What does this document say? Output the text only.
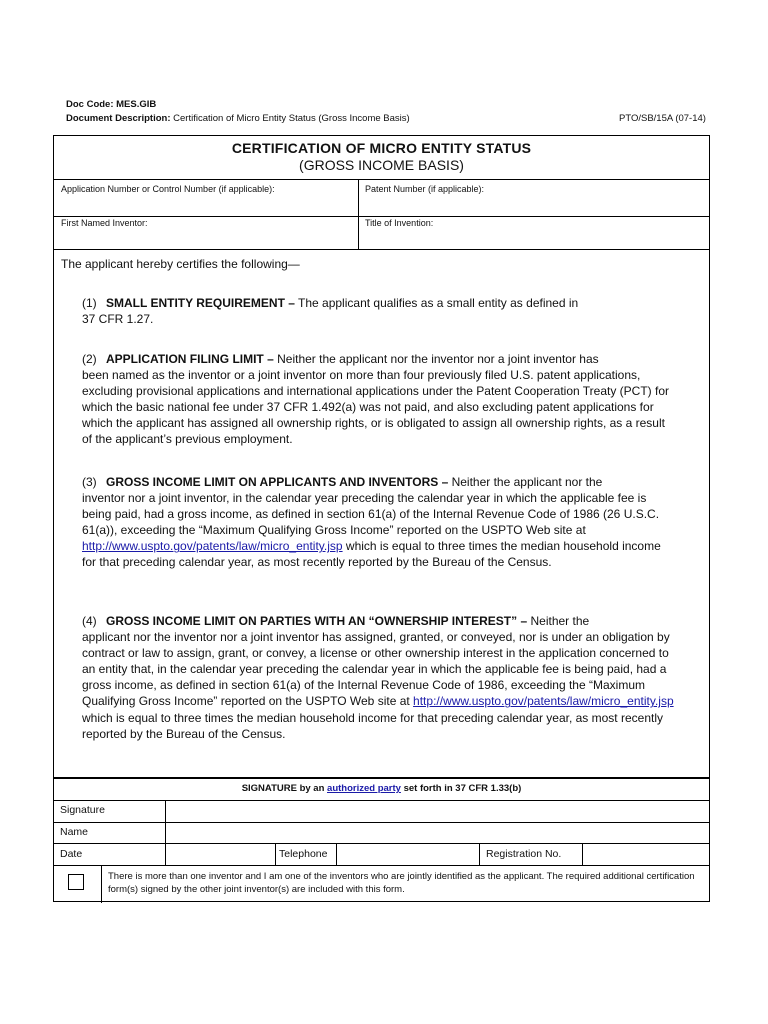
Doc Code: MES.GIB
Document Description: Certification of Micro Entity Status (Gross Income Basis)	PTO/SB/15A (07-14)
CERTIFICATION OF MICRO ENTITY STATUS
(GROSS INCOME BASIS)
Application Number or Control Number (if applicable):	Patent Number (if applicable):
First Named Inventor:	Title of Invention:
The applicant hereby certifies the following—
(1) SMALL ENTITY REQUIREMENT – The applicant qualifies as a small entity as defined in
37 CFR 1.27.
(2) APPLICATION FILING LIMIT – Neither the applicant nor the inventor nor a joint inventor has
been named as the inventor or a joint inventor on more than four previously filed U.S. patent applications, excluding provisional applications and international applications under the Patent Cooperation Treaty (PCT) for which the basic national fee under 37 CFR 1.492(a) was not paid, and also excluding patent applications for which the applicant has assigned all ownership rights, or is obligated to assign all ownership rights, as a result of the applicant’s previous employment.
(3) GROSS INCOME LIMIT ON APPLICANTS AND INVENTORS – Neither the applicant nor the
inventor nor a joint inventor, in the calendar year preceding the calendar year in which the applicable fee is being paid, had a gross income, as defined in section 61(a) of the Internal Revenue Code of 1986 (26 U.S.C. 61(a)), exceeding the “Maximum Qualifying Gross Income” reported on the USPTO Web site at http://www.uspto.gov/patents/law/micro_entity.jsp which is equal to three times the median household income for that preceding calendar year, as most recently reported by the Bureau of the Census.
(4) GROSS INCOME LIMIT ON PARTIES WITH AN “OWNERSHIP INTEREST” – Neither the
applicant nor the inventor nor a joint inventor has assigned, granted, or conveyed, nor is under an obligation by contract or law to assign, grant, or convey, a license or other ownership interest in the application concerned to an entity that, in the calendar year preceding the calendar year in which the applicable fee is being paid, had a gross income, as defined in section 61(a) of the Internal Revenue Code of 1986, exceeding the “Maximum Qualifying Gross Income” reported on the USPTO Web site at http://www.uspto.gov/patents/law/micro_entity.jsp which is equal to three times the median household income for that preceding calendar year, as most recently reported by the Bureau of the Census.
SIGNATURE by an authorized party set forth in 37 CFR 1.33(b)
Signature
Name
Date	Telephone	Registration No.
There is more than one inventor and I am one of the inventors who are jointly identified as the applicant. The required additional certification form(s) signed by the other joint inventor(s) are included with this form.
